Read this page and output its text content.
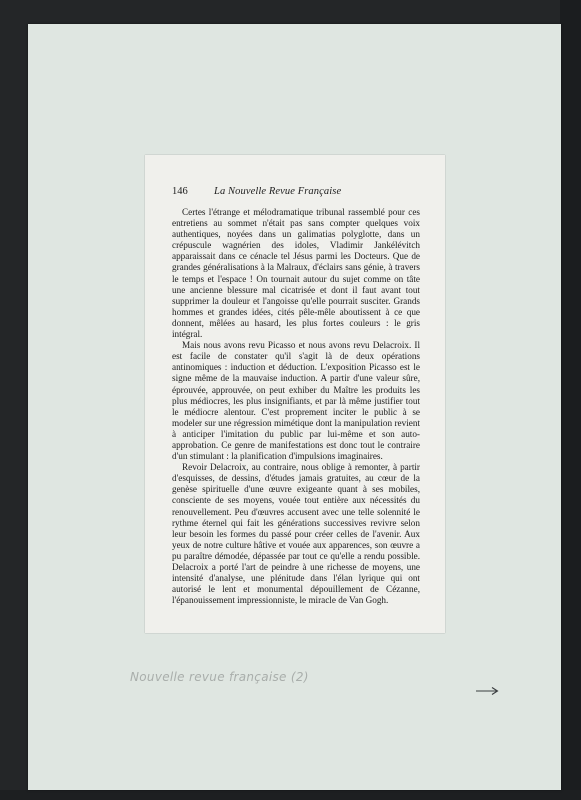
146	La Nouvelle Revue Française

Certes l'étrange et mélodramatique tribunal rassemblé pour ces entretiens au sommet n'était pas sans compter quelques voix authentiques, noyées dans un galimatias polyglotte, dans un crépuscule wagnérien des idoles, Vladimir Jankélévitch apparaissait dans ce cénacle tel Jésus parmi les Docteurs. Que de grandes généralisations à la Malraux, d'éclairs sans génie, à travers le temps et l'espace ! On tournait autour du sujet comme on tâte une ancienne blessure mal cicatrisée et dont il faut avant tout supprimer la douleur et l'angoisse qu'elle pourrait susciter. Grands hommes et grandes idées, cités pêle-mêle aboutissent à ce que donnent, mêlées au hasard, les plus fortes couleurs : le gris intégral.

Mais nous avons revu Picasso et nous avons revu Delacroix. Il est facile de constater qu'il s'agit là de deux opérations antinomiques : induction et déduction. L'exposition Picasso est le signe même de la mauvaise induction. A partir d'une valeur sûre, éprouvée, approuvée, on peut exhiber du Maître les produits les plus médiocres, les plus insignifiants, et par là même justifier tout le médiocre alentour. C'est proprement inciter le public à se modeler sur une régression mimétique dont la manipulation revient à anticiper l'imitation du public par lui-même et son auto-approbation. Ce genre de manifestations est donc tout le contraire d'un stimulant : la planification d'impulsions imaginaires.

Revoir Delacroix, au contraire, nous oblige à remonter, à partir d'esquisses, de dessins, d'études jamais gratuites, au cœur de la genèse spirituelle d'une œuvre exigeante quant à ses mobiles, consciente de ses moyens, vouée tout entière aux nécessités du renouvellement. Peu d'œuvres accusent avec une telle solennité le rythme éternel qui fait les générations successives revivre selon leur besoin les formes du passé pour créer celles de l'avenir. Aux yeux de notre culture hâtive et vouée aux apparences, son œuvre a pu paraître démodée, dépassée par tout ce qu'elle a rendu possible. Delacroix a porté l'art de peindre à une richesse de moyens, une intensité d'analyse, une plénitude dans l'élan lyrique qui ont autorisé le lent et monumental dépouillement de Cézanne, l'épanouissement impressionniste, le miracle de Van Gogh.

Nouvelle revue française (2)
